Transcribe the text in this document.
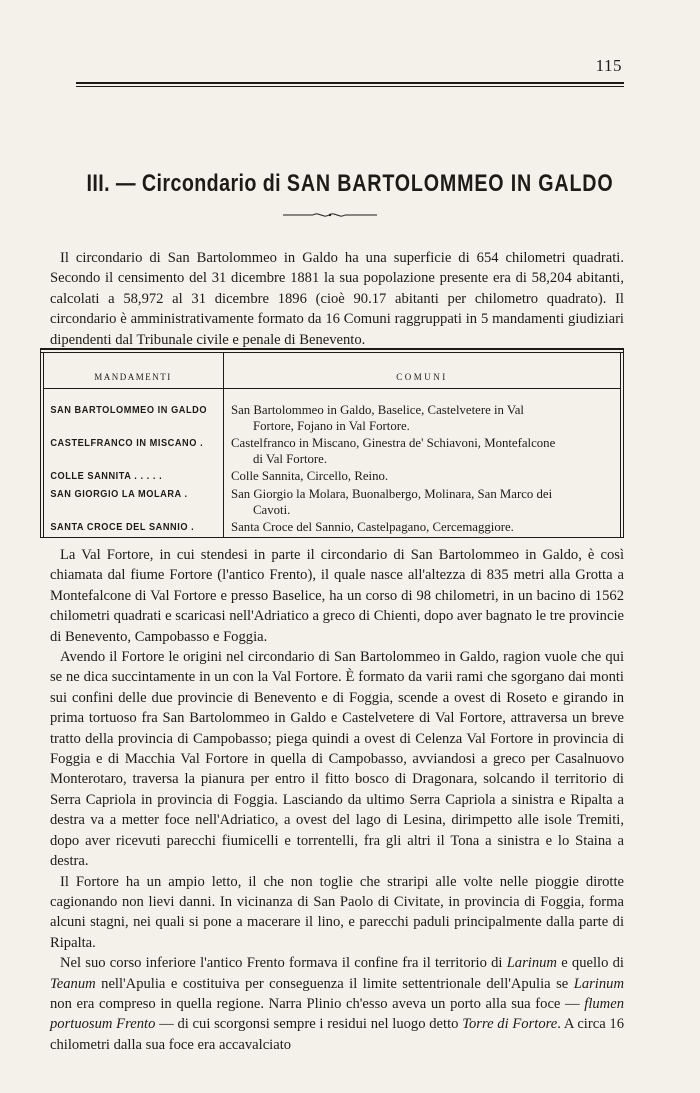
115
III. — Circondario di SAN BARTOLOMMEO IN GALDO

Il circondario di San Bartolommeo in Galdo ha una superficie di 654 chilometri quadrati. Secondo il censimento del 31 dicembre 1881 la sua popolazione presente era di 58,204 abitanti, calcolati a 58,972 al 31 dicembre 1896 (cioè 90.17 abitanti per chilometro quadrato). Il circondario è amministrativamente formato da 16 Comuni raggruppati in 5 mandamenti giudiziari dipendenti dal Tribunale civile e penale di Benevento.

MANDAMENTI	COMUNI
SAN BARTOLOMMEO IN GALDO	San Bartolommeo in Galdo, Baselice, Castelvetere in Val
Fortore, Fojano in Val Fortore.
CASTELFRANCO IN MISCANO .	Castelfranco in Miscano, Ginestra de' Schiavoni, Montefalcone
di Val Fortore.
COLLE SANNITA . . . . .	Colle Sannita, Circello, Reino.
SAN GIORGIO LA MOLARA .	San Giorgio la Molara, Buonalbergo, Molinara, San Marco dei
Cavoti.
SANTA CROCE DEL SANNIO .	Santa Croce del Sannio, Castelpagano, Cercemaggiore.

La Val Fortore, in cui stendesi in parte il circondario di San Bartolommeo in Galdo, è così chiamata dal fiume Fortore (l'antico Frento), il quale nasce all'altezza di 835 metri alla Grotta a Montefalcone di Val Fortore e presso Baselice, ha un corso di 98 chilometri, in un bacino di 1562 chilometri quadrati e scaricasi nell'Adriatico a greco di Chienti, dopo aver bagnato le tre provincie di Benevento, Campobasso e Foggia.

Avendo il Fortore le origini nel circondario di San Bartolommeo in Galdo, ragion vuole che qui se ne dica succintamente in un con la Val Fortore. È formato da varii rami che sgorgano dai monti sui confini delle due provincie di Benevento e di Foggia, scende a ovest di Roseto e girando in prima tortuoso fra San Bartolommeo in Galdo e Castelvetere di Val Fortore, attraversa un breve tratto della provincia di Campobasso; piega quindi a ovest di Celenza Val Fortore in provincia di Foggia e di Macchia Val Fortore in quella di Campobasso, avviandosi a greco per Casalnuovo Monterotaro, traversa la pianura per entro il fitto bosco di Dragonara, solcando il territorio di Serra Capriola in provincia di Foggia. Lasciando da ultimo Serra Capriola a sinistra e Ripalta a destra va a metter foce nell'Adriatico, a ovest del lago di Lesina, dirimpetto alle isole Tremiti, dopo aver ricevuti parecchi fiumicelli e torrentelli, fra gli altri il Tona a sinistra e lo Staina a destra.

Il Fortore ha un ampio letto, il che non toglie che straripi alle volte nelle pioggie dirotte cagionando non lievi danni. In vicinanza di San Paolo di Civitate, in provincia di Foggia, forma alcuni stagni, nei quali si pone a macerare il lino, e parecchi paduli principalmente dalla parte di Ripalta.

Nel suo corso inferiore l'antico Frento formava il confine fra il territorio di Larinum e quello di Teanum nell'Apulia e costituiva per conseguenza il limite settentrionale dell'Apulia se Larinum non era compreso in quella regione. Narra Plinio ch'esso aveva un porto alla sua foce — flumen portuosum Frento — di cui scorgonsi sempre i residui nel luogo detto Torre di Fortore. A circa 16 chilometri dalla sua foce era accavalciato
